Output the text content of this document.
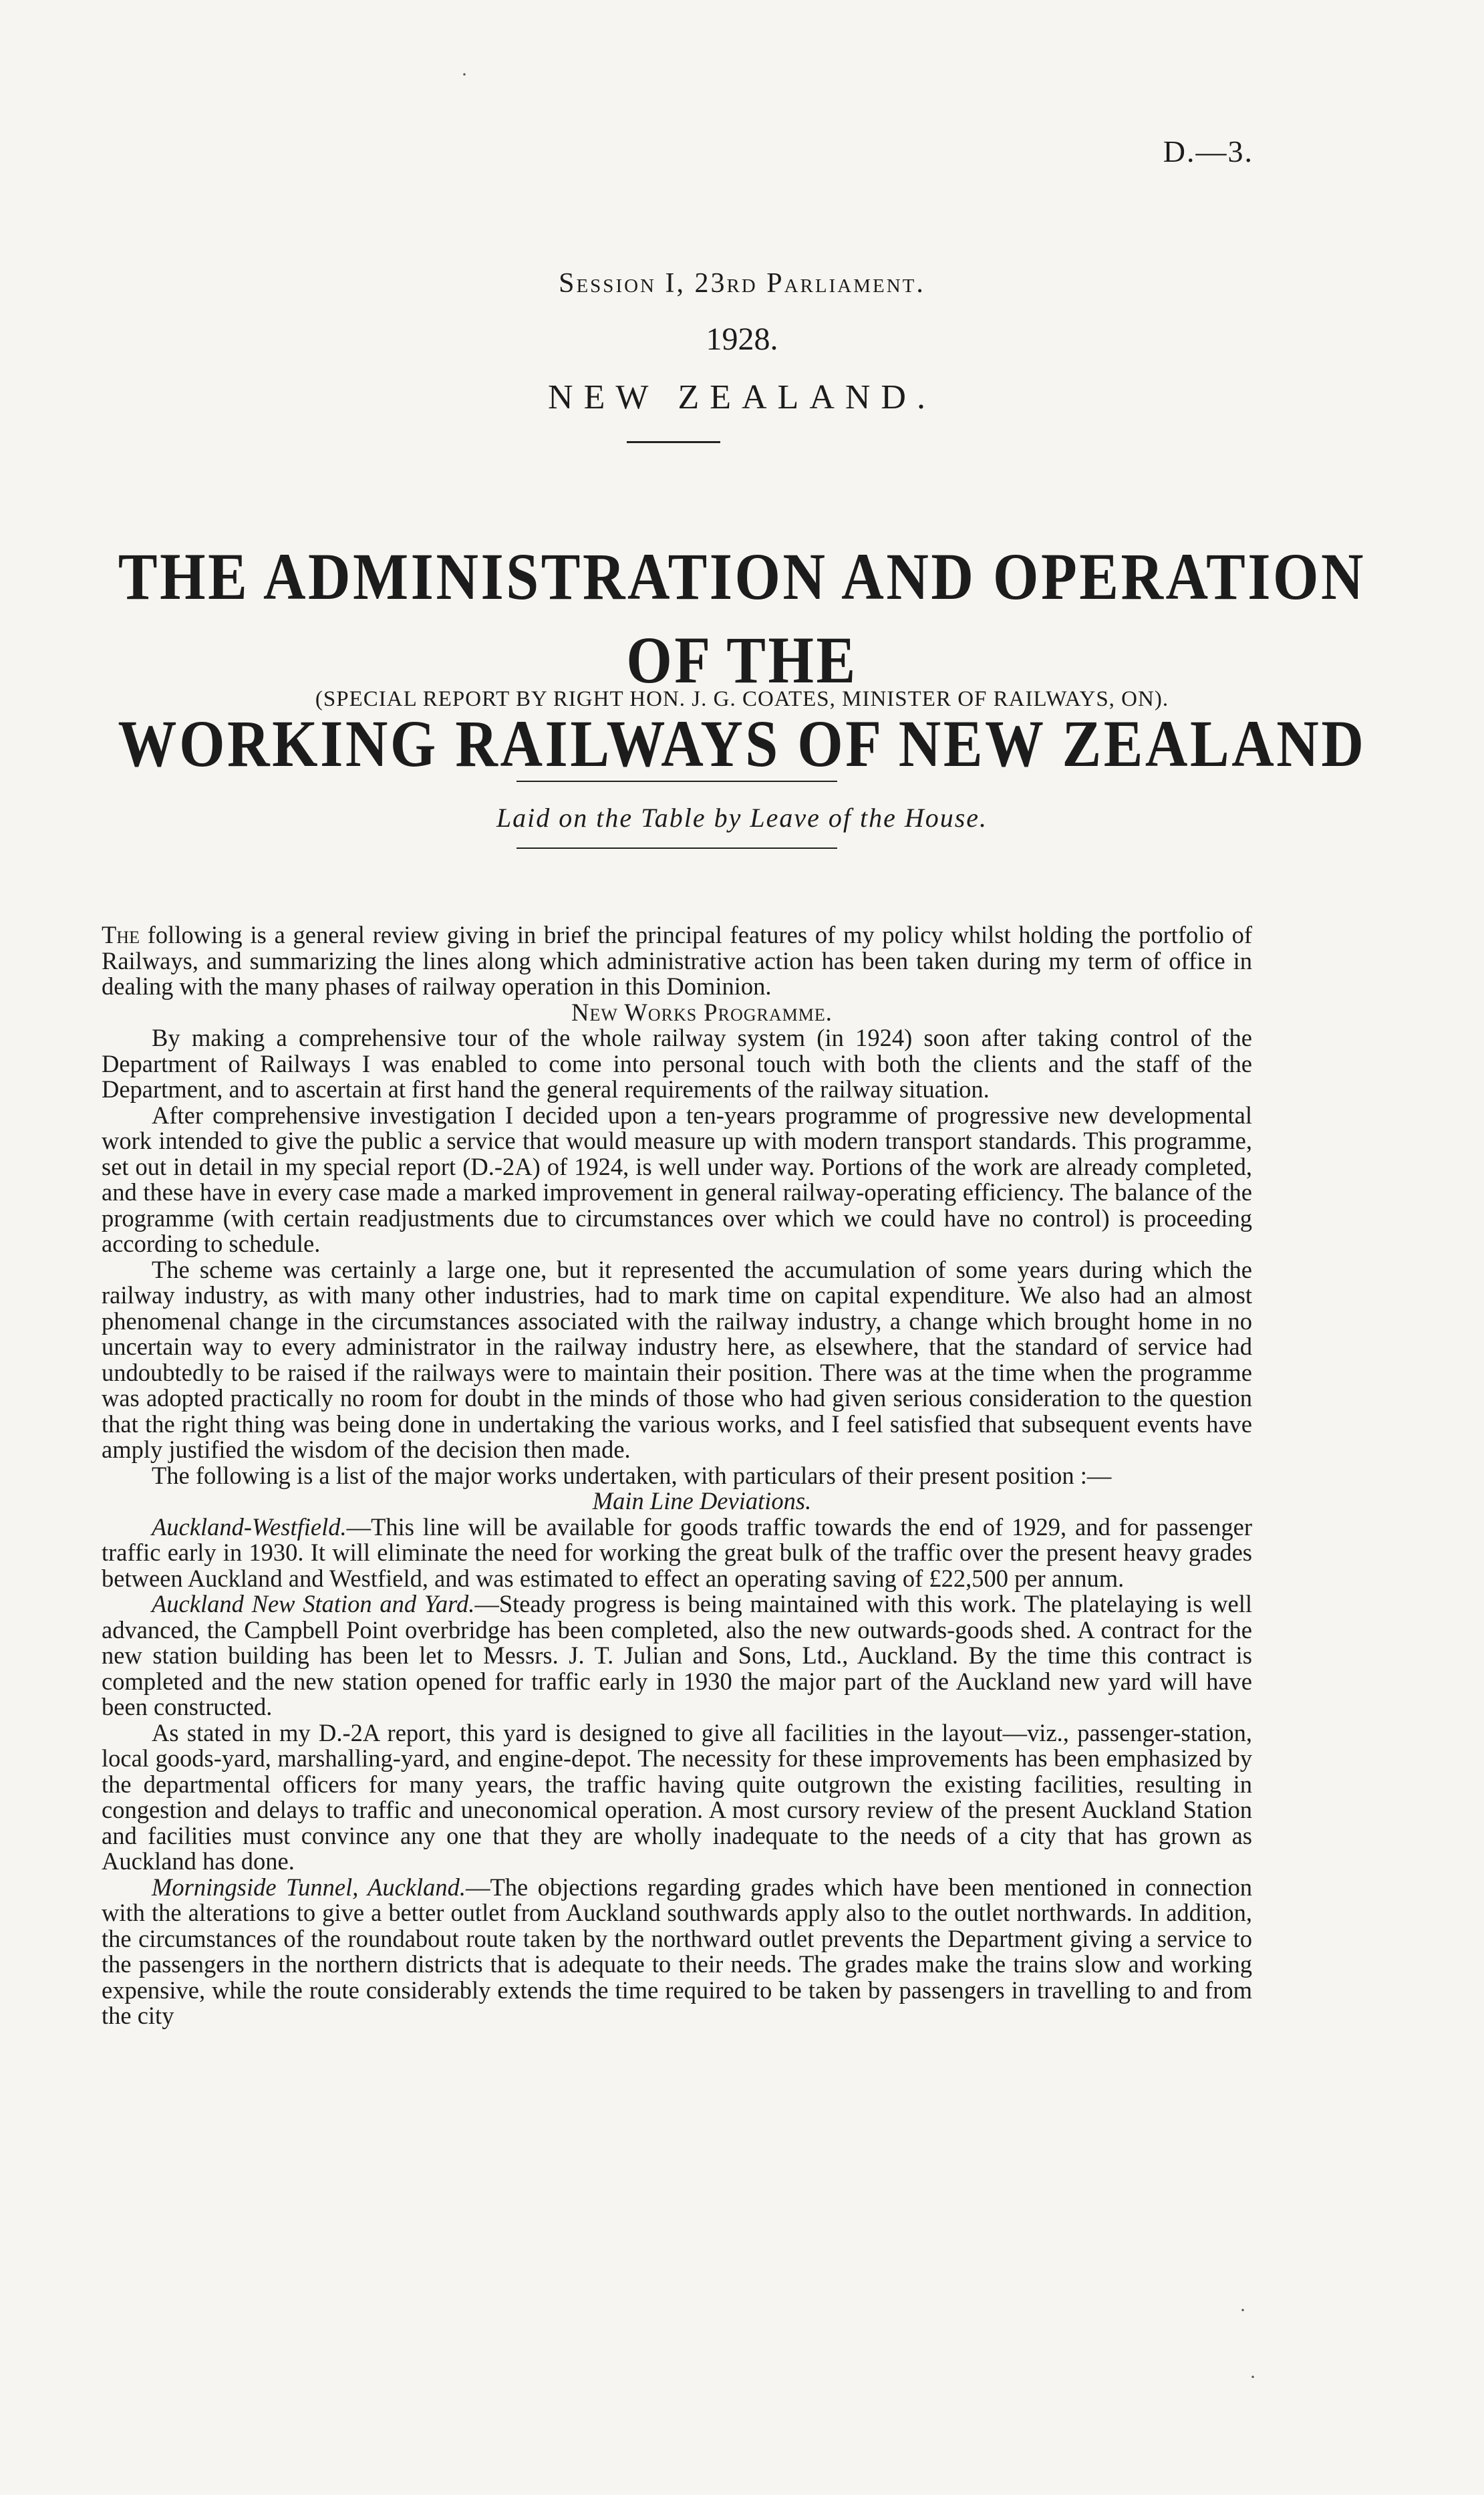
D.—3.
Session I, 23rd Parliament.
1928.
NEW ZEALAND.
THE ADMINISTRATION AND OPERATION OF THE
WORKING RAILWAYS OF NEW ZEALAND
(SPECIAL REPORT BY RIGHT HON. J. G. COATES, MINISTER OF RAILWAYS, ON).
Laid on the Table by Leave of the House.

The following is a general review giving in brief the principal features of my policy whilst holding the portfolio of Railways, and summarizing the lines along which administrative action has been taken during my term of office in dealing with the many phases of railway operation in this Dominion.

New Works Programme.

By making a comprehensive tour of the whole railway system (in 1924) soon after taking control of the Department of Railways I was enabled to come into personal touch with both the clients and the staff of the Department, and to ascertain at first hand the general requirements of the railway situation.

After comprehensive investigation I decided upon a ten-years programme of progressive new developmental work intended to give the public a service that would measure up with modern transport standards. This programme, set out in detail in my special report (D.-2A) of 1924, is well under way. Portions of the work are already completed, and these have in every case made a marked improvement in general railway-operating efficiency. The balance of the programme (with certain readjustments due to circumstances over which we could have no control) is proceeding according to schedule.

The scheme was certainly a large one, but it represented the accumulation of some years during which the railway industry, as with many other industries, had to mark time on capital expenditure. We also had an almost phenomenal change in the circumstances associated with the railway industry, a change which brought home in no uncertain way to every administrator in the railway industry here, as elsewhere, that the standard of service had undoubtedly to be raised if the railways were to maintain their position. There was at the time when the programme was adopted practically no room for doubt in the minds of those who had given serious consideration to the question that the right thing was being done in undertaking the various works, and I feel satisfied that subsequent events have amply justified the wisdom of the decision then made.

The following is a list of the major works undertaken, with particulars of their present position :—

Main Line Deviations.

Auckland-Westfield.—This line will be available for goods traffic towards the end of 1929, and for passenger traffic early in 1930. It will eliminate the need for working the great bulk of the traffic over the present heavy grades between Auckland and Westfield, and was estimated to effect an operating saving of £22,500 per annum.

Auckland New Station and Yard.—Steady progress is being maintained with this work. The platelaying is well advanced, the Campbell Point overbridge has been completed, also the new outwards-goods shed. A contract for the new station building has been let to Messrs. J. T. Julian and Sons, Ltd., Auckland. By the time this contract is completed and the new station opened for traffic early in 1930 the major part of the Auckland new yard will have been constructed.

As stated in my D.-2A report, this yard is designed to give all facilities in the layout—viz., passenger-station, local goods-yard, marshalling-yard, and engine-depot. The necessity for these improvements has been emphasized by the departmental officers for many years, the traffic having quite outgrown the existing facilities, resulting in congestion and delays to traffic and uneconomical operation. A most cursory review of the present Auckland Station and facilities must convince any one that they are wholly inadequate to the needs of a city that has grown as Auckland has done.

Morningside Tunnel, Auckland.—The objections regarding grades which have been mentioned in connection with the alterations to give a better outlet from Auckland southwards apply also to the outlet northwards. In addition, the circumstances of the roundabout route taken by the northward outlet prevents the Department giving a service to the passengers in the northern districts that is adequate to their needs. The grades make the trains slow and working expensive, while the route considerably extends the time required to be taken by passengers in travelling to and from the city

·
·
·
